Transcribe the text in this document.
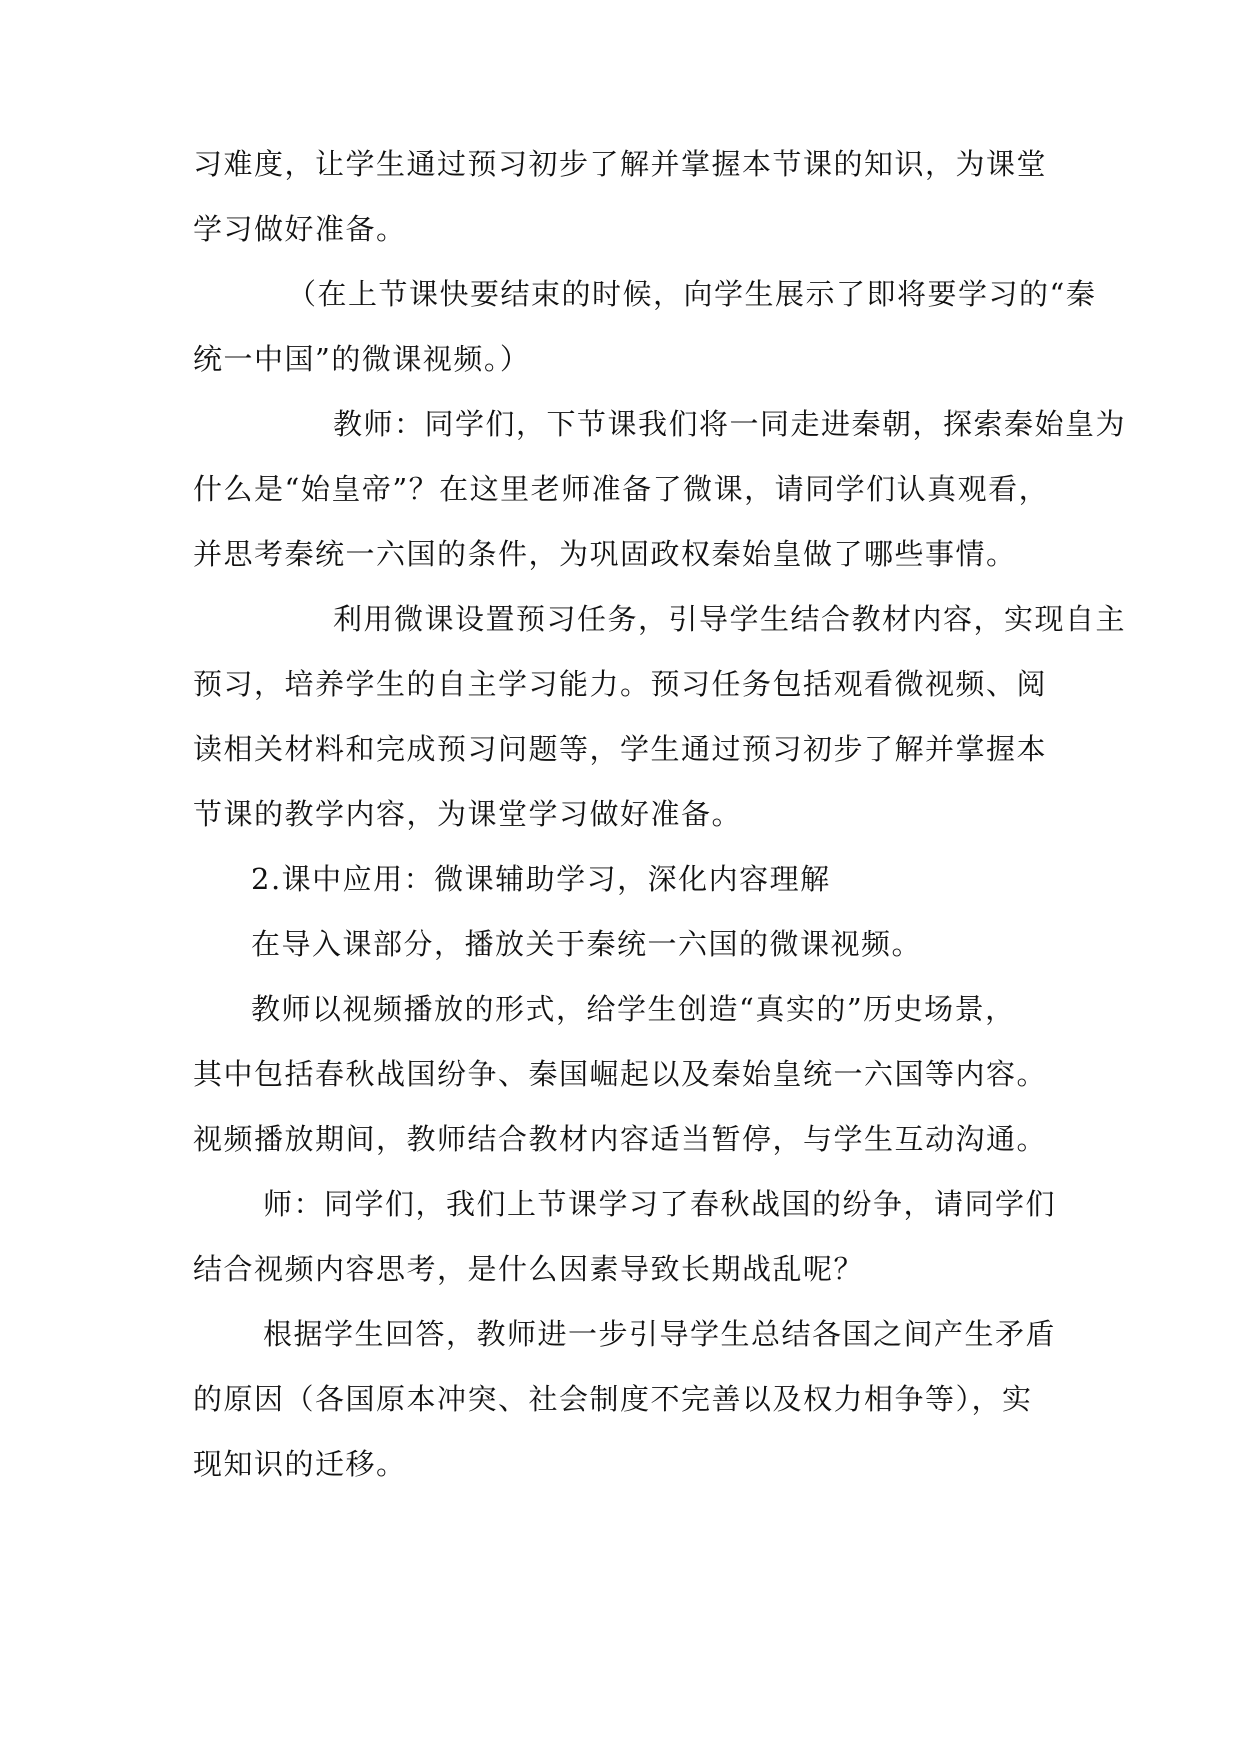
习难度，让学生通过预习初步了解并掌握本节课的知识，为课堂
学习做好准备。

（在上节课快要结束的时候，向学生展示了即将要学习的“秦
统一中国”的微课视频。）

教师：同学们，下节课我们将一同走进秦朝，探索秦始皇为
什么是“始皇帝”？在这里老师准备了微课，请同学们认真观看，
并思考秦统一六国的条件，为巩固政权秦始皇做了哪些事情。

利用微课设置预习任务，引导学生结合教材内容，实现自主
预习，培养学生的自主学习能力。预习任务包括观看微视频、阅
读相关材料和完成预习问题等，学生通过预习初步了解并掌握本
节课的教学内容，为课堂学习做好准备。

2.课中应用：微课辅助学习，深化内容理解

在导入课部分，播放关于秦统一六国的微课视频。

教师以视频播放的形式，给学生创造“真实的”历史场景，
其中包括春秋战国纷争、秦国崛起以及秦始皇统一六国等内容。
视频播放期间，教师结合教材内容适当暂停，与学生互动沟通。

师：同学们，我们上节课学习了春秋战国的纷争，请同学们
结合视频内容思考，是什么因素导致长期战乱呢？

根据学生回答，教师进一步引导学生总结各国之间产生矛盾
的原因（各国原本冲突、社会制度不完善以及权力相争等），实
现知识的迁移。
